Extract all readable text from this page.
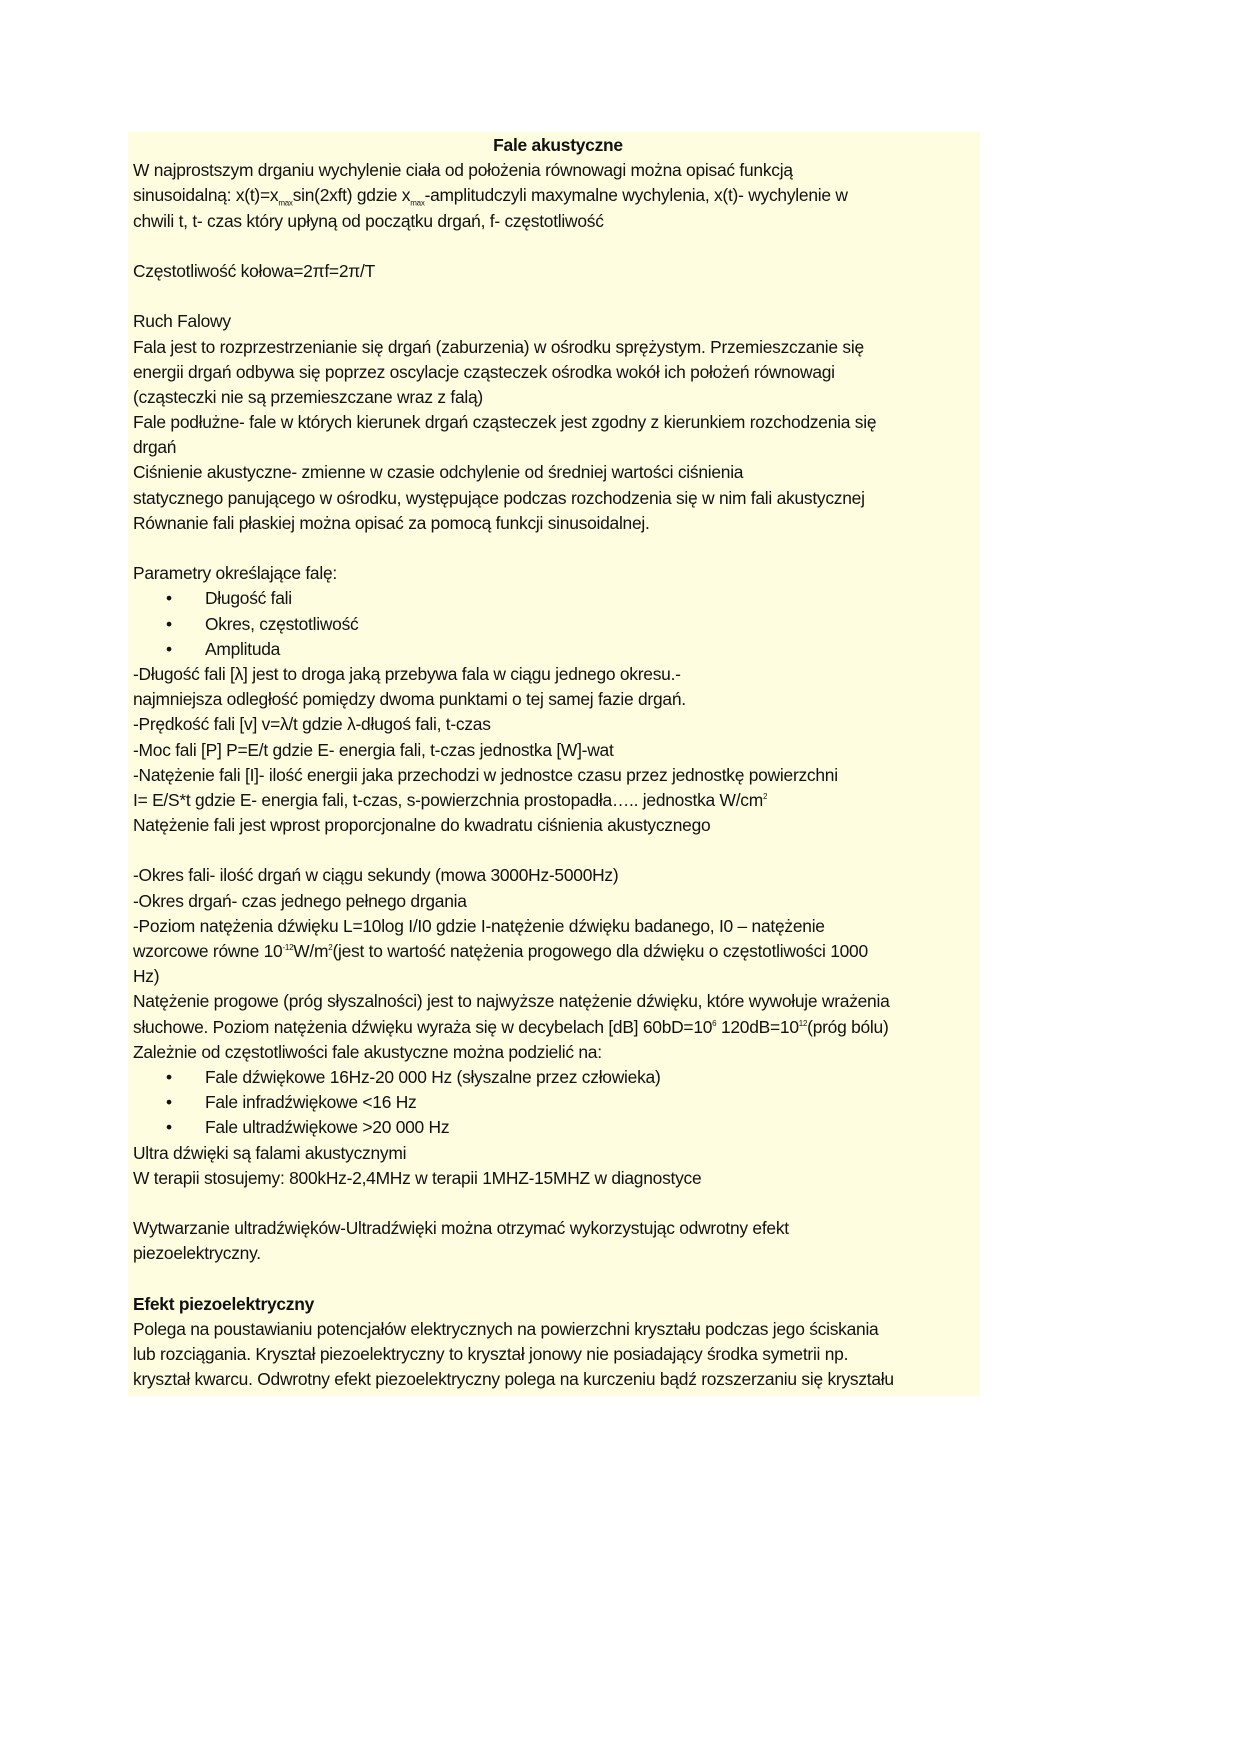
Fale akustyczne
W najprostszym drganiu wychylenie ciała od położenia równowagi można opisać funkcją
sinusoidalną: $x(t)=x_{max}\sin(2xft)$ gdzie $x_{max}$-amplitudczyli maxymalne wychylenia, x(t)- wychylenie w
chwili t, t- czas który upłyną od początku drgań, f- częstotliwość
Częstotliwość kołowa=2πf=2π/T
Ruch Falowy
Fala jest to rozprzestrzenianie się drgań (zaburzenia) w ośrodku sprężystym. Przemieszczanie się
energii drgań odbywa się poprzez oscylacje cząsteczek ośrodka wokół ich położeń równowagi
(cząsteczki nie są przemieszczane wraz z falą)
Fale podłużne- fale w których kierunek drgań cząsteczek jest zgodny z kierunkiem rozchodzenia się
drgań
Ciśnienie akustyczne- zmienne w czasie odchylenie od średniej wartości ciśnienia
statycznego panującego w ośrodku, występujące podczas rozchodzenia się w nim fali akustycznej
Równanie fali płaskiej można opisać za pomocą funkcji sinusoidalnej.
Parametry określające falę:
• Długość fali
• Okres, częstotliwość
• Amplituda
-Długość fali [λ] jest to droga jaką przebywa fala w ciągu jednego okresu.-
najmniejsza odległość pomiędzy dwoma punktami o tej samej fazie drgań.
-Prędkość fali [v] v=λ/t gdzie λ-długoś fali, t-czas
-Moc fali [P] P=E/t gdzie E- energia fali, t-czas jednostka [W]-wat
-Natężenie fali [I]- ilość energii jaka przechodzi w jednostce czasu przez jednostkę powierzchni
I= E/S*t gdzie E- energia fali, t-czas, s-powierzchnia prostopadła….. jednostka $W/cm^2$
Natężenie fali jest wprost proporcjonalne do kwadratu ciśnienia akustycznego
-Okres fali- ilość drgań w ciągu sekundy (mowa 3000Hz-5000Hz)
-Okres drgań- czas jednego pełnego drgania
-Poziom natężenia dźwięku L=10log I/I0 gdzie I-natężenie dźwięku badanego, I0 – natężenie
wzorcowe równe $10^{-12}W/m^2(jest$ to wartość natężenia progowego dla dźwięku o częstotliwości 1000
Hz)
Natężenie progowe (próg słyszalności) jest to najwyższe natężenie dźwięku, które wywołuje wrażenia
słuchowe. Poziom natężenia dźwięku wyraża się w decybelach [dB] $60bD=10^6$ $120dB=10^{12}(próg$ bólu)
Zależnie od częstotliwości fale akustyczne można podzielić na:
• Fale dźwiękowe 16Hz-20 000 Hz (słyszalne przez człowieka)
• Fale infradźwiękowe <16 Hz
• Fale ultradźwiękowe >20 000 Hz
Ultra dźwięki są falami akustycznymi
W terapii stosujemy: 800kHz-2,4MHz w terapii 1MHZ-15MHZ w diagnostyce
Wytwarzanie ultradźwięków-Ultradźwięki można otrzymać wykorzystując odwrotny efekt
piezoelektryczny.
Efekt piezoelektryczny
Polega na poustawianiu potencjałów elektrycznych na powierzchni kryształu podczas jego ściskania
lub rozciągania. Kryształ piezoelektryczny to kryształ jonowy nie posiadający środka symetrii np.
kryształ kwarcu. Odwrotny efekt piezoelektryczny polega na kurczeniu bądź rozszerzaniu się kryształu
